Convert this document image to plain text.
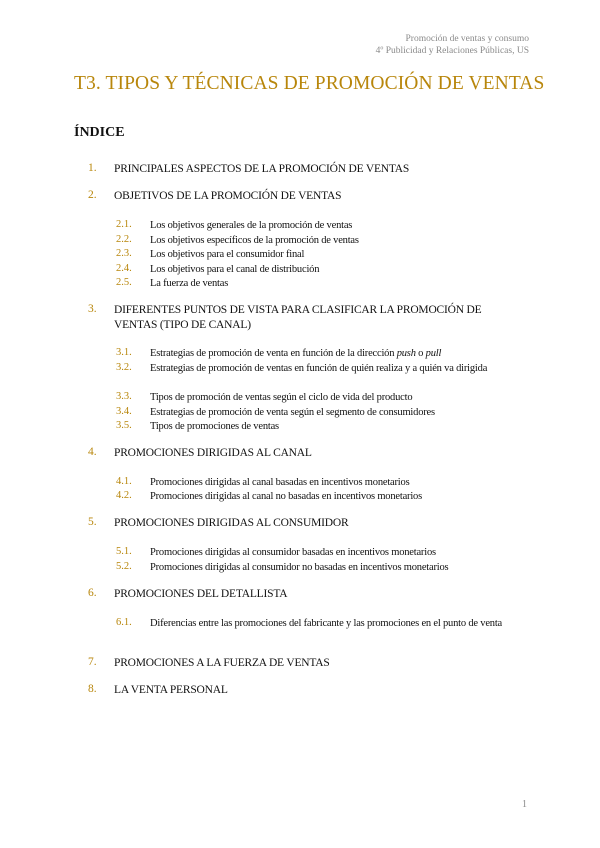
Promoción de ventas y consumo
4º Publicidad y Relaciones Públicas, US
T3. TIPOS Y TÉCNICAS DE PROMOCIÓN DE VENTAS
ÍNDICE
1. PRINCIPALES ASPECTOS DE LA PROMOCIÓN DE VENTAS
2. OBJETIVOS DE LA PROMOCIÓN DE VENTAS
2.1. Los objetivos generales de la promoción de ventas
2.2. Los objetivos específicos de la promoción de ventas
2.3. Los objetivos para el consumidor final
2.4. Los objetivos para el canal de distribución
2.5. La fuerza de ventas
3. DIFERENTES PUNTOS DE VISTA PARA CLASIFICAR LA PROMOCIÓN DE VENTAS (TIPO DE CANAL)
3.1. Estrategias de promoción de venta en función de la dirección push o pull
3.2. Estrategias de promoción de ventas en función de quién realiza y a quién va dirigida
3.3. Tipos de promoción de ventas según el ciclo de vida del producto
3.4. Estrategias de promoción de venta según el segmento de consumidores
3.5. Tipos de promociones de ventas
4. PROMOCIONES DIRIGIDAS AL CANAL
4.1. Promociones dirigidas al canal basadas en incentivos monetarios
4.2. Promociones dirigidas al canal no basadas en incentivos monetarios
5. PROMOCIONES DIRIGIDAS AL CONSUMIDOR
5.1. Promociones dirigidas al consumidor basadas en incentivos monetarios
5.2. Promociones dirigidas al consumidor no basadas en incentivos monetarios
6. PROMOCIONES DEL DETALLISTA
6.1. Diferencias entre las promociones del fabricante y las promociones en el punto de venta
7. PROMOCIONES A LA FUERZA DE VENTAS
8. LA VENTA PERSONAL
1
